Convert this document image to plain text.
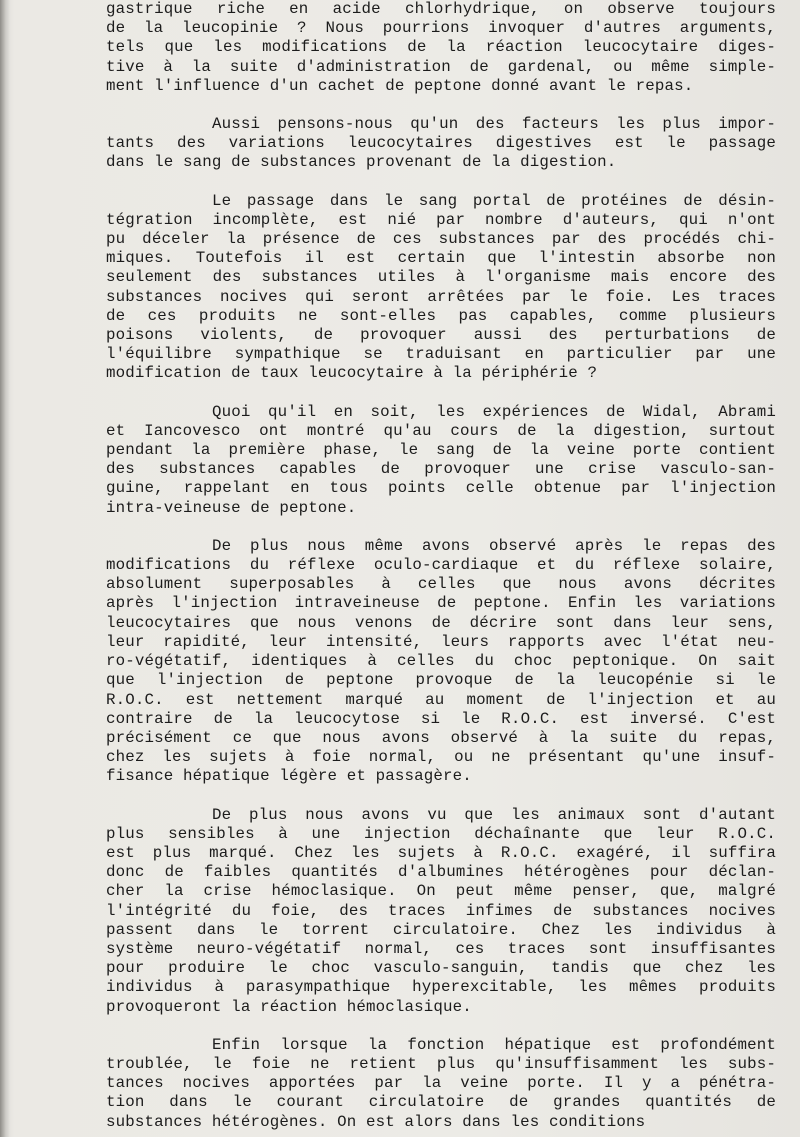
gastrique riche en acide chlorhydrique, on observe toujours
de la leucopinie ? Nous pourrions invoquer d'autres arguments,
tels que les modifications de la réaction leucocytaire diges-
tive à la suite d'administration de gardenal, ou même simple-
ment l'influence d'un cachet de peptone donné avant le repas.
Aussi pensons-nous qu'un des facteurs les plus impor-
tants des variations leucocytaires digestives est le passage
dans le sang de substances provenant de la digestion.
Le passage dans le sang portal de protéines de désin-
tégration incomplète, est nié par nombre d'auteurs, qui n'ont
pu déceler la présence de ces substances par des procédés chi-
miques. Toutefois il est certain que l'intestin absorbe non
seulement des substances utiles à l'organisme mais encore des
substances nocives qui seront arrêtées par le foie. Les traces
de ces produits ne sont-elles pas capables, comme plusieurs
poisons violents, de provoquer aussi des perturbations de
l'équilibre sympathique se traduisant en particulier par une
modification de taux leucocytaire à la périphérie ?
Quoi qu'il en soit, les expériences de Widal, Abrami
et Iancovesco ont montré qu'au cours de la digestion, surtout
pendant la première phase, le sang de la veine porte contient
des substances capables de provoquer une crise vasculo-san-
guine, rappelant en tous points celle obtenue par l'injection
intra-veineuse de peptone.
De plus nous même avons observé après le repas des
modifications du réflexe oculo-cardiaque et du réflexe solaire,
absolument superposables à celles que nous avons décrites
après l'injection intraveineuse de peptone. Enfin les variations
leucocytaires que nous venons de décrire sont dans leur sens,
leur rapidité, leur intensité, leurs rapports avec l'état neu-
ro-végétatif, identiques à celles du choc peptonique. On sait
que l'injection de peptone provoque de la leucopénie si le
R.O.C. est nettement marqué au moment de l'injection et au
contraire de la leucocytose si le R.O.C. est inversé. C'est
précisément ce que nous avons observé à la suite du repas,
chez les sujets à foie normal, ou ne présentant qu'une insuf-
fisance hépatique légère et passagère.
De plus nous avons vu que les animaux sont d'autant
plus sensibles à une injection déchaînante que leur R.O.C.
est plus marqué. Chez les sujets à R.O.C. exagéré, il suffira
donc de faibles quantités d'albumines hétérogènes pour déclan-
cher la crise hémoclasique. On peut même penser, que, malgré
l'intégrité du foie, des traces infimes de substances nocives
passent dans le torrent circulatoire. Chez les individus à
système neuro-végétatif normal, ces traces sont insuffisantes
pour produire le choc vasculo-sanguin, tandis que chez les
individus à parasympathique hyperexcitable, les mêmes produits
provoqueront la réaction hémoclasique.
Enfin lorsque la fonction hépatique est profondément
troublée, le foie ne retient plus qu'insuffisamment les subs-
tances nocives apportées par la veine porte. Il y a pénétra-
tion dans le courant circulatoire de grandes quantités de
substances hétérogènes. On est alors dans les conditions
